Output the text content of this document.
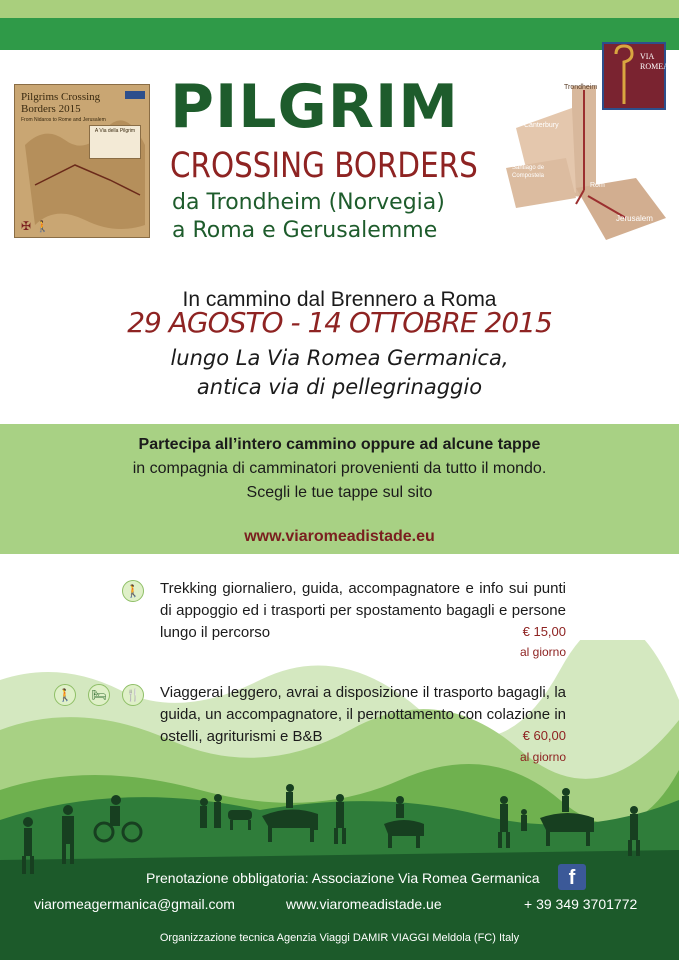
Pilgrims Crossing Borders 2015
From Nidaros to Rome and Jerusalem
A Via della Pilgrim
✠ 🚶
PILGRIM
CROSSING BORDERS
da Trondheim (Norvegia)
a Roma e Gerusalemme
VIA
ROMEA
Trondheim
Canterbury
Santiago de Compostela
Rom
Jerusalem
In cammino dal Brennero a Roma
29 AGOSTO - 14 OTTOBRE 2015
lungo La Via Romea Germanica,
antica via di pellegrinaggio
Partecipa all’intero cammino oppure ad alcune tappe
in compagnia di camminatori provenienti da tutto il mondo.
Scegli le tue tappe sul sito
www.viaromeadistade.eu
🚶 Trekking giornaliero, guida, accompagnatore e info sui punti di appoggio ed i trasporti per spostamento bagagli e persone lungo il percorso	€ 15,00
al giorno
🚶 🛏 🍴 Viaggerai leggero, avrai a disposizione il trasporto bagagli, la guida, un accompagnatore, il pernottamento con colazione in ostelli, agriturismi e B&B	€ 60,00
al giorno
Prenotazione obbligatoria: Associazione Via Romea Germanica	f
viaromeagermanica@gmail.com	www.viaromeadistade.ue	+ 39 349 3701772
Organizzazione tecnica Agenzia Viaggi DAMIR VIAGGI Meldola (FC) Italy
